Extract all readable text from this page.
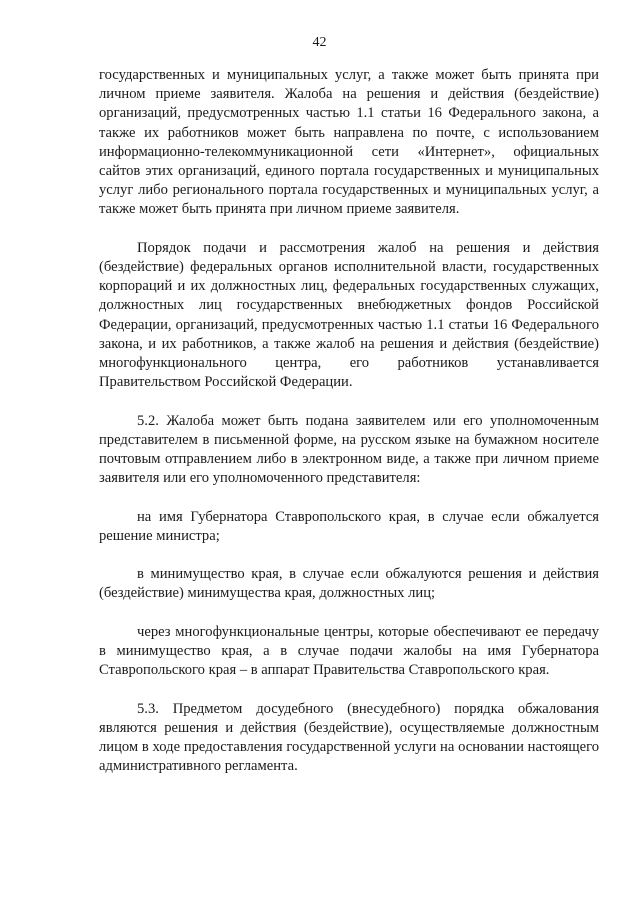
42

государственных и муниципальных услуг, а также может быть принята при личном приеме заявителя. Жалоба на решения и действия (бездействие) организаций, предусмотренных частью 1.1 статьи 16 Федерального закона, а также их работников может быть направлена по почте, с использованием информационно-телекоммуникационной сети «Интернет», официальных сайтов этих организаций, единого портала государственных и муниципальных услуг либо регионального портала государственных и муниципальных услуг, а также может быть принята при личном приеме заявителя.

Порядок подачи и рассмотрения жалоб на решения и действия (бездействие) федеральных органов исполнительной власти, государственных корпораций и их должностных лиц, федеральных государственных служащих, должностных лиц государственных внебюджетных фондов Российской Федерации, организаций, предусмотренных частью 1.1 статьи 16 Федерального закона, и их работников, а также жалоб на решения и действия (бездействие) многофункционального центра, его работников устанавливается Правительством Российской Федерации.

5.2. Жалоба может быть подана заявителем или его уполномоченным представителем в письменной форме, на русском языке на бумажном носителе почтовым отправлением либо в электронном виде, а также при личном приеме заявителя или его уполномоченного представителя:

на имя Губернатора Ставропольского края, в случае если обжалуется решение министра;

в минимущество края, в случае если обжалуются решения и действия (бездействие) минимущества края, должностных лиц;

через многофункциональные центры, которые обеспечивают ее передачу в минимущество края, а в случае подачи жалобы на имя Губернатора Ставропольского края – в аппарат Правительства Ставропольского края.

5.3. Предметом досудебного (внесудебного) порядка обжалования являются решения и действия (бездействие), осуществляемые должностным лицом в ходе предоставления государственной услуги на основании настоящего административного регламента.
